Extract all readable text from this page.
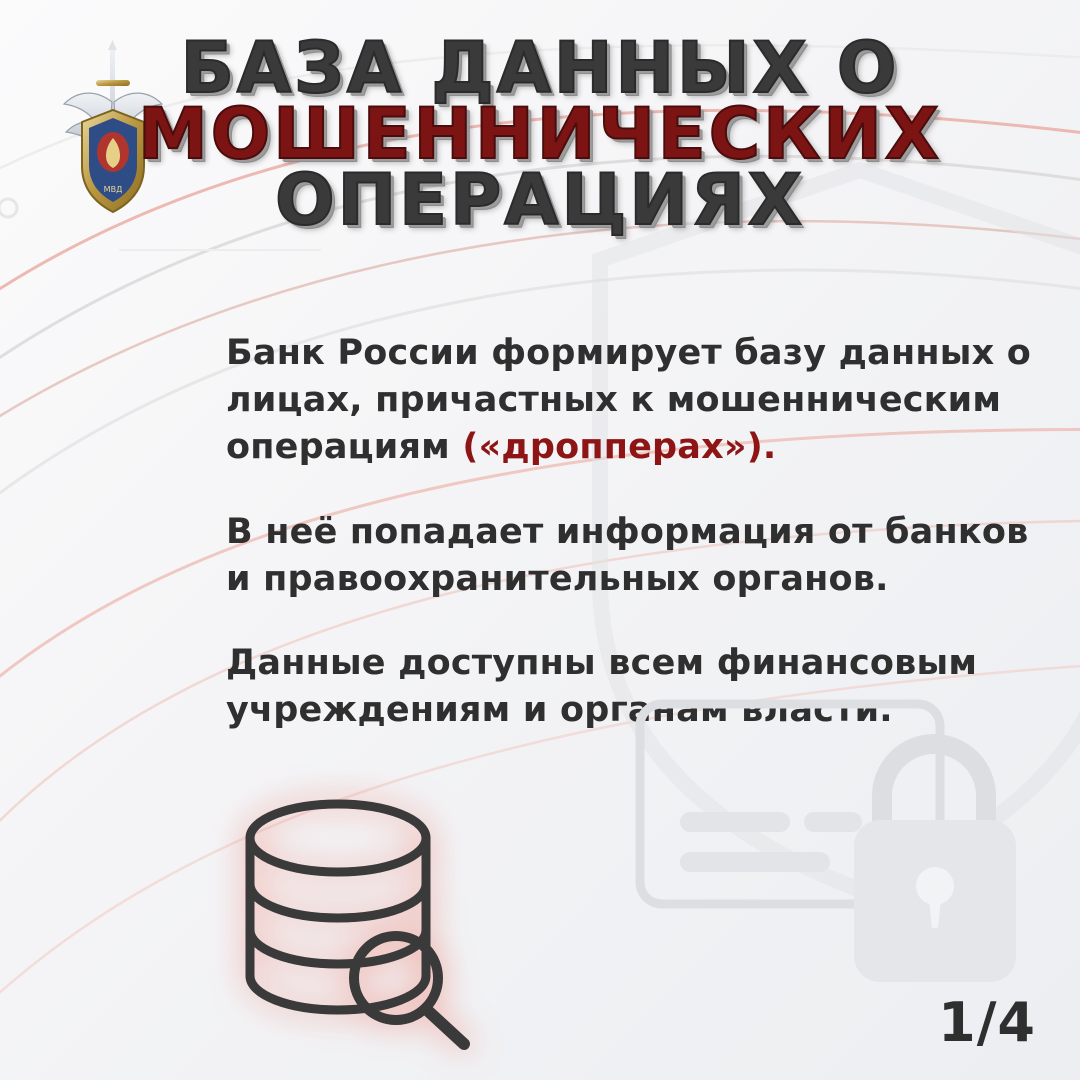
МВД
БАЗА ДАННЫХ О
МОШЕННИЧЕСКИХ
ОПЕРАЦИЯХ

Банк России формирует базу данных о лицах, причастных к мошенническим операциям («дропперах»).

В неё попадает информация от банков и правоохранительных органов.

Данные доступны всем финансовым учреждениям и органам власти.

1/4
